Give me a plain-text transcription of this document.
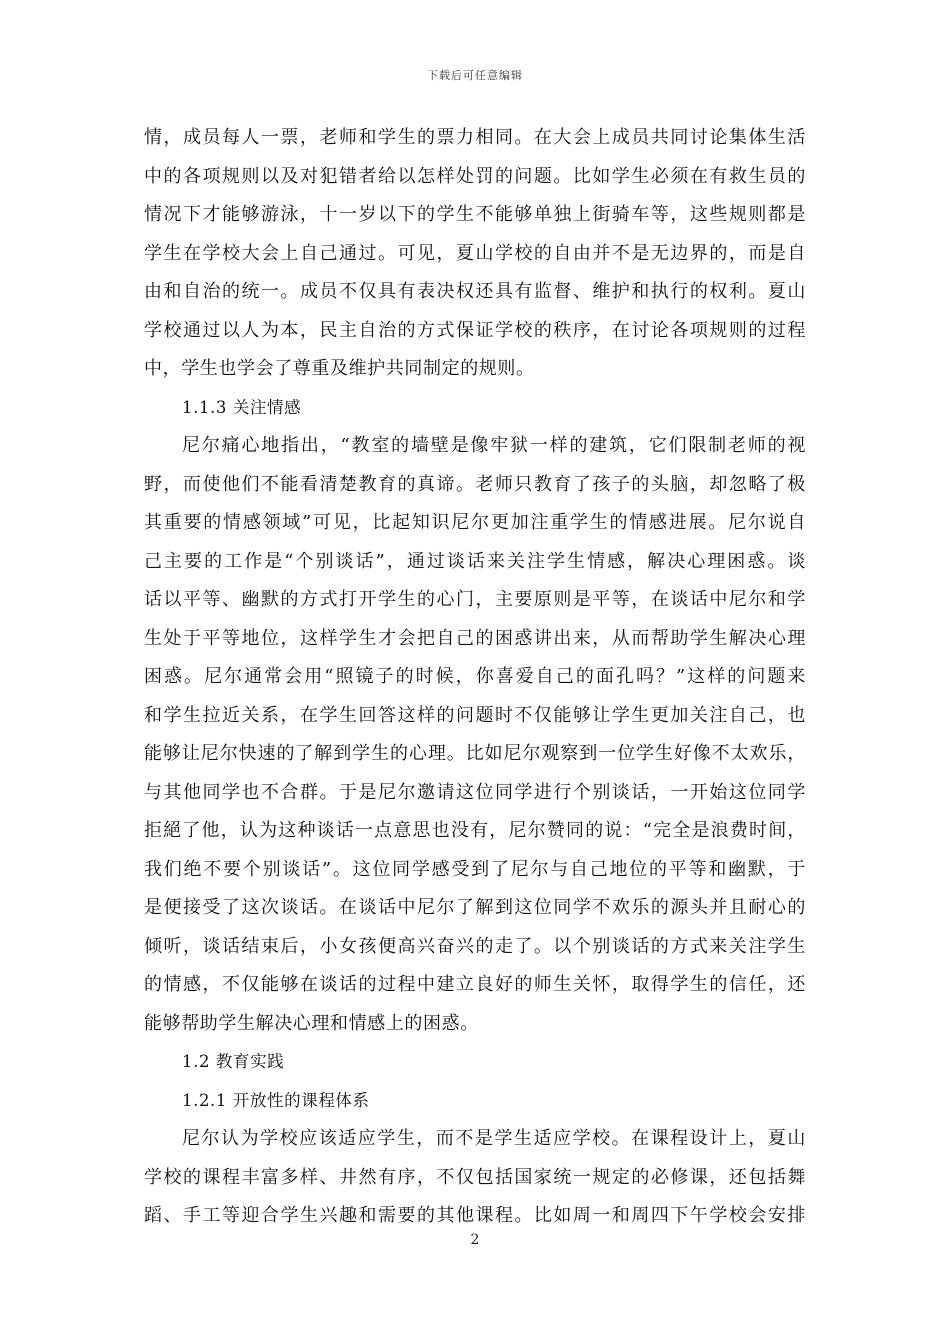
下载后可任意编辑
情，成员每人一票，老师和学生的票力相同。在大会上成员共同讨论集体生活
中的各项规则以及对犯错者给以怎样处罚的问题。比如学生必须在有救生员的
情况下才能够游泳，十一岁以下的学生不能够单独上街骑车等，这些规则都是
学生在学校大会上自己通过。可见，夏山学校的自由并不是无边界的，而是自
由和自治的统一。成员不仅具有表决权还具有监督、维护和执行的权利。夏山
学校通过以人为本，民主自治的方式保证学校的秩序，在讨论各项规则的过程
中，学生也学会了尊重及维护共同制定的规则。
1.1.3 关注情感
尼尔痛心地指出，“教室的墙壁是像牢狱一样的建筑，它们限制老师的视
野，而使他们不能看清楚教育的真谛。老师只教育了孩子的头脑，却忽略了极
其重要的情感领域”可见，比起知识尼尔更加注重学生的情感进展。尼尔说自
己主要的工作是“个别谈话”，通过谈话来关注学生情感，解决心理困惑。谈
话以平等、幽默的方式打开学生的心门，主要原则是平等，在谈话中尼尔和学
生处于平等地位，这样学生才会把自己的困惑讲出来，从而帮助学生解决心理
困惑。尼尔通常会用“照镜子的时候，你喜爱自己的面孔吗？”这样的问题来
和学生拉近关系，在学生回答这样的问题时不仅能够让学生更加关注自己，也
能够让尼尔快速的了解到学生的心理。比如尼尔观察到一位学生好像不太欢乐，
与其他同学也不合群。于是尼尔邀请这位同学进行个别谈话，一开始这位同学
拒絕了他，认为这种谈话一点意思也没有，尼尔赞同的说：“完全是浪费时间，
我们绝不要个别谈话”。这位同学感受到了尼尔与自己地位的平等和幽默，于
是便接受了这次谈话。在谈话中尼尔了解到这位同学不欢乐的源头并且耐心的
倾听，谈话结束后，小女孩便高兴奋兴的走了。以个别谈话的方式来关注学生
的情感，不仅能够在谈话的过程中建立良好的师生关怀，取得学生的信任，还
能够帮助学生解决心理和情感上的困惑。
1.2 教育实践
1.2.1 开放性的课程体系
尼尔认为学校应该适应学生，而不是学生适应学校。在课程设计上，夏山
学校的课程丰富多样、井然有序，不仅包括国家统一规定的必修课，还包括舞
蹈、手工等迎合学生兴趣和需要的其他课程。比如周一和周四下午学校会安排
2
